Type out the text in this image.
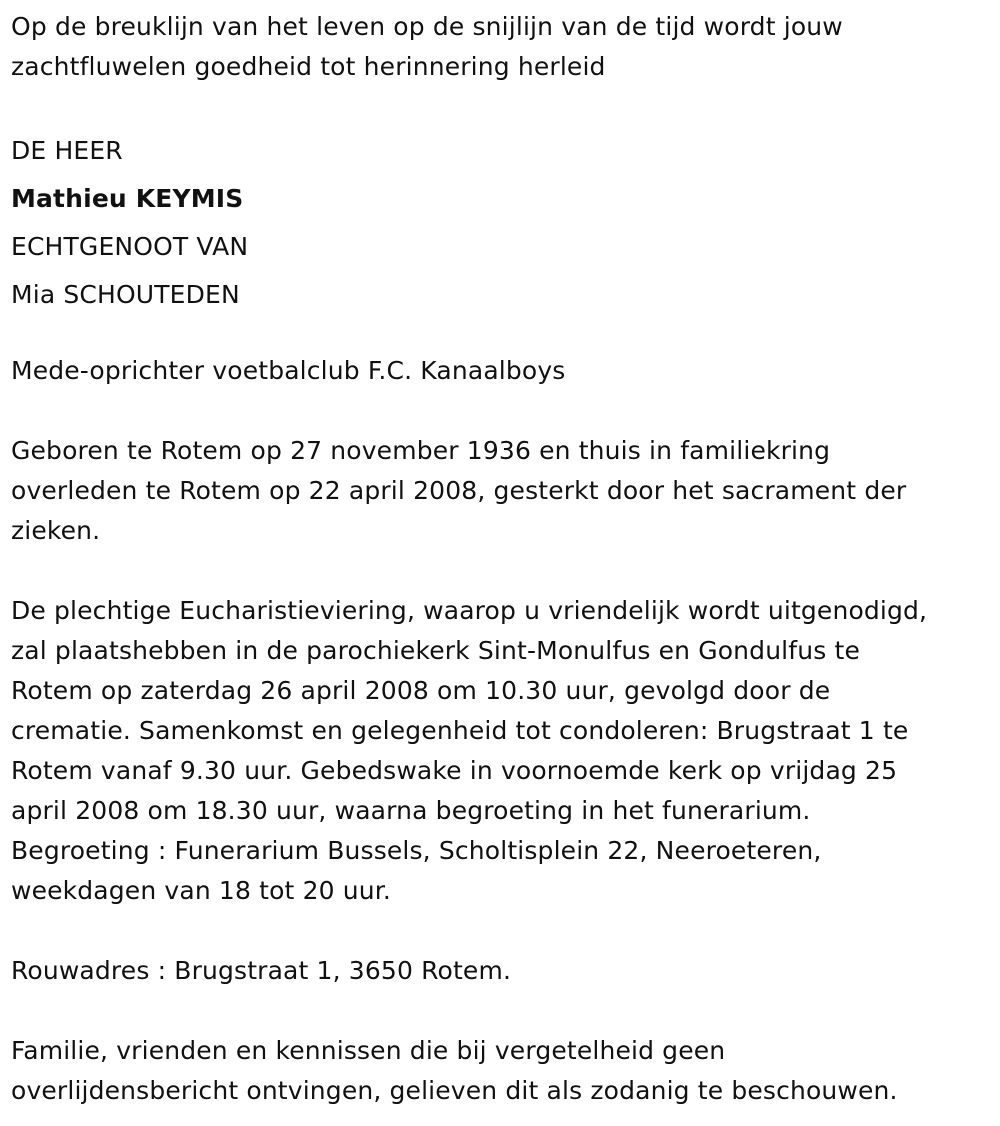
Op de breuklijn van het leven op de snijlijn van de tijd wordt jouw
zachtfluwelen goedheid tot herinnering herleid
DE HEER
Mathieu KEYMIS
ECHTGENOOT VAN
Mia SCHOUTEDEN
Mede-oprichter voetbalclub F.C. Kanaalboys
Geboren te Rotem op 27 november 1936 en thuis in familiekring
overleden te Rotem op 22 april 2008, gesterkt door het sacrament der
zieken.
De plechtige Eucharistieviering, waarop u vriendelijk wordt uitgenodigd,
zal plaatshebben in de parochiekerk Sint-Monulfus en Gondulfus te
Rotem op zaterdag 26 april 2008 om 10.30 uur, gevolgd door de
crematie. Samenkomst en gelegenheid tot condoleren: Brugstraat 1 te
Rotem vanaf 9.30 uur. Gebedswake in voornoemde kerk op vrijdag 25
april 2008 om 18.30 uur, waarna begroeting in het funerarium.
Begroeting : Funerarium Bussels, Scholtisplein 22, Neeroeteren,
weekdagen van 18 tot 20 uur.
Rouwadres : Brugstraat 1, 3650 Rotem.
Familie, vrienden en kennissen die bij vergetelheid geen
overlijdensbericht ontvingen, gelieven dit als zodanig te beschouwen.
